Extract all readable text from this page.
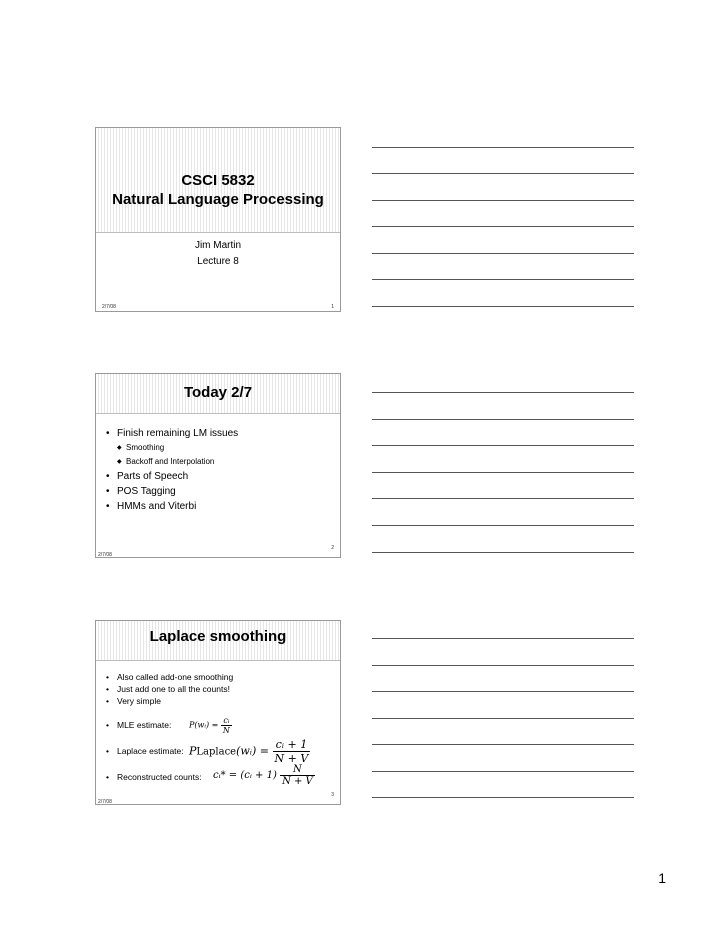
CSCI 5832
Natural Language Processing
Jim Martin
Lecture 8
2/7/08	1
Today 2/7
• Finish remaining LM issues
◆ Smoothing
◆ Backoff and Interpolation
• Parts of Speech
• POS Tagging
• HMMs and Viterbi
2
2/7/08
Laplace smoothing
• Also called add-one smoothing
• Just add one to all the counts!
• Very simple
• MLE estimate:
• Laplace estimate:
• Reconstructed counts:
P(wᵢ) = $\frac{\text{cᵢ}}{N}$
PLaplace(wᵢ) = $\frac{\text{cᵢ + 1}}{N + V}$
cᵢ* = (cᵢ + $1) \frac{N}{N + V}$
3
2/7/08
1
